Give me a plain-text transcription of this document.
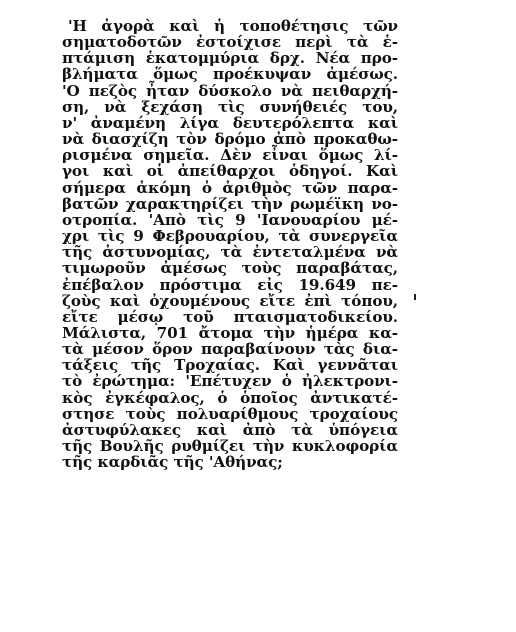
'Η ἀγορὰ καὶ ἡ τοποθέτησις τῶν
σηματοδοτῶν ἐστοίχισε περὶ τὰ ἑ-
πτάμιση ἑκατομμύρια δρχ. Νέα προ-
βλήματα ὅμως προέκυψαν ἀμέσως.
'Ο πεζὸς ἦταν δύσκολο νὰ πειθαρχή-
ση, νὰ ξεχάση τὶς συνήθειές του,
ν' ἀναμένη λίγα δευτερόλεπτα καὶ
νὰ διασχίζη τὸν δρόμο ἀπὸ προκαθω-
ρισμένα σημεῖα. Δὲν εἶναι ὅμως λί-
γοι καὶ οἱ ἀπείθαρχοι ὁδηγοί. Καὶ
σήμερα ἀκόμη ὁ ἀριθμὸς τῶν παρα-
βατῶν χαρακτηρίζει τὴν ρωμέϊκη νο-
οτροπία. 'Απὸ τὶς 9 'Ιανουαρίου μέ-
χρι τὶς 9 Φεβρουαρίου, τὰ συνεργεῖα
τῆς ἀστυνομίας, τὰ ἐντεταλμένα νὰ
τιμωροῦν ἀμέσως τοὺς παραβάτας,
ἐπέβαλον πρόστιμα εἰς 19.649 πε-
ζοὺς καὶ ὀχουμένους εἴτε ἐπὶ τόπου,
εἴτε μέσῳ τοῦ πταισματοδικείου.
Μάλιστα, 701 ἄτομα τὴν ἡμέρα κα-
τὰ μέσον ὅρον παραβαίνουν τὰς δια-
τάξεις τῆς Τροχαίας. Καὶ γεννᾶται
τὸ ἐρώτημα: 'Επέτυχεν ὁ ἠλεκτρονι-
κὸς ἐγκέφαλος, ὁ ὁποῖος ἀντικατέ-
στησε τοὺς πολυαρίθμους τροχαίους
ἀστυφύλακες καὶ ἀπὸ τὰ ὑπόγεια
τῆς Βουλῆς ρυθμίζει τὴν κυκλοφορία
τῆς καρδιᾶς τῆς 'Αθήνας;
